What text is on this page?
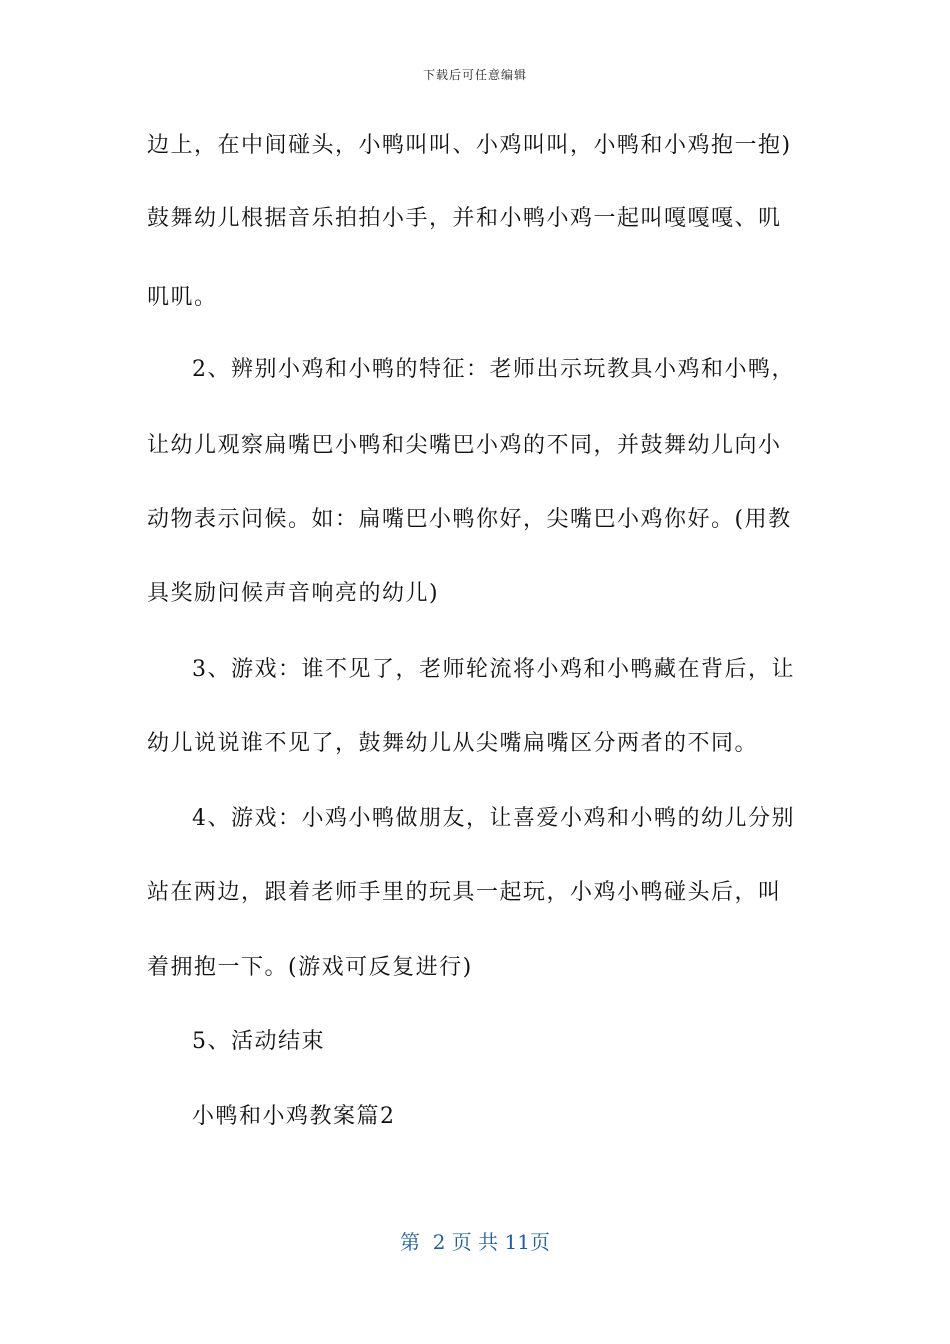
下载后可任意编辑
边上，在中间碰头，小鸭叫叫、小鸡叫叫，小鸭和小鸡抱一抱)
鼓舞幼儿根据音乐拍拍小手，并和小鸭小鸡一起叫嘎嘎嘎、叽
叽叽。
2、辨别小鸡和小鸭的特征：老师出示玩教具小鸡和小鸭，
让幼儿观察扁嘴巴小鸭和尖嘴巴小鸡的不同，并鼓舞幼儿向小
动物表示问候。如：扁嘴巴小鸭你好，尖嘴巴小鸡你好。(用教
具奖励问候声音响亮的幼儿)
3、游戏：谁不见了，老师轮流将小鸡和小鸭藏在背后，让
幼儿说说谁不见了，鼓舞幼儿从尖嘴扁嘴区分两者的不同。
4、游戏：小鸡小鸭做朋友，让喜爱小鸡和小鸭的幼儿分别
站在两边，跟着老师手里的玩具一起玩，小鸡小鸭碰头后，叫
着拥抱一下。(游戏可反复进行)
5、活动结束
小鸭和小鸡教案篇2
第  2 页 共 11页
